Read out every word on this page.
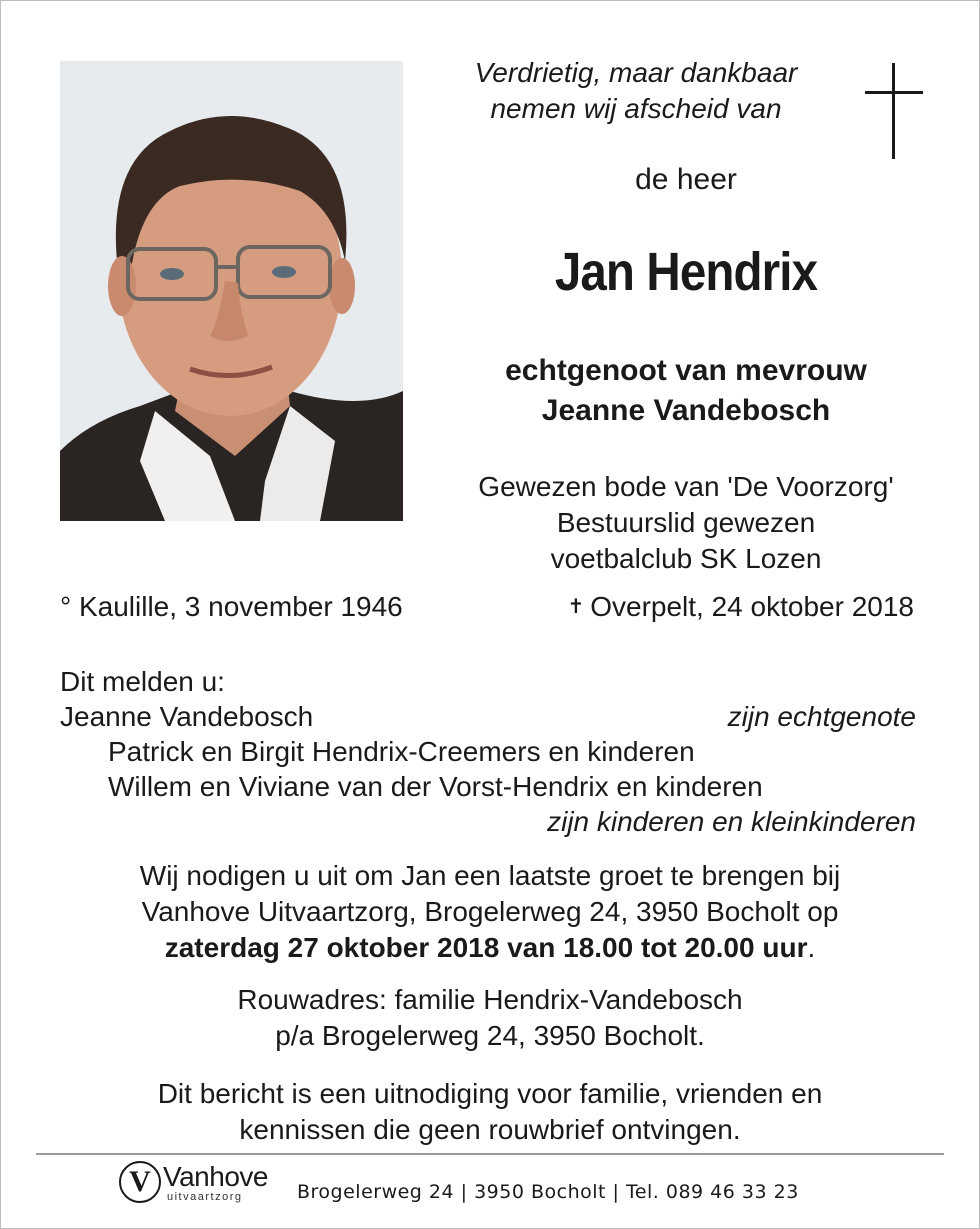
Verdrietig, maar dankbaar
nemen wij afscheid van
de heer
Jan Hendrix
echtgenoot van mevrouw
Jeanne Vandebosch
Gewezen bode van 'De Voorzorg'
Bestuurslid gewezen
voetbalclub SK Lozen
° Kaulille, 3 november 1946	✝ Overpelt, 24 oktober 2018
Dit melden u:
Jeanne Vandebosch	zijn echtgenote
Patrick en Birgit Hendrix-Creemers en kinderen
Willem en Viviane van der Vorst-Hendrix en kinderen
zijn kinderen en kleinkinderen
Wij nodigen u uit om Jan een laatste groet te brengen bij
Vanhove Uitvaartzorg, Brogelerweg 24, 3950 Bocholt op
zaterdag 27 oktober 2018 van 18.00 tot 20.00 uur.
Rouwadres: familie Hendrix-Vandebosch
p/a Brogelerweg 24, 3950 Bocholt.
Dit bericht is een uitnodiging voor familie, vrienden en
kennissen die geen rouwbrief ontvingen.
V Vanhove
uitvaartzorg	Brogelerweg 24 | 3950 Bocholt | Tel. 089 46 33 23
